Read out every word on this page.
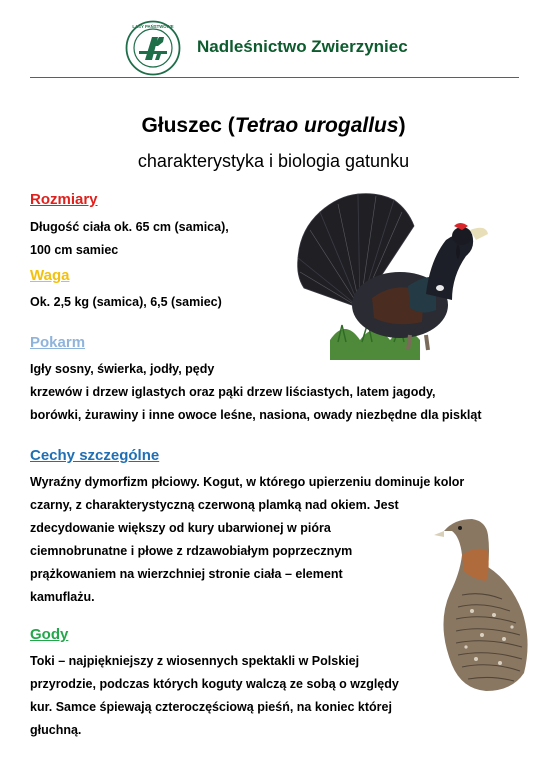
LASY PAŃSTWOWE
Nadleśnictwo Zwierzyniec
Głuszec (Tetrao urogallus)
charakterystyka i biologia gatunku
Rozmiary
Długość ciała ok. 65 cm (samica),
100 cm samiec
Waga
Ok. 2,5 kg (samica), 6,5 (samiec)
Pokarm
Igły sosny, świerka, jodły, pędy
krzewów i drzew iglastych oraz pąki drzew liściastych, latem jagody,
borówki, żurawiny i inne owoce leśne, nasiona, owady niezbędne dla piskląt
Cechy szczególne
Wyraźny dymorfizm płciowy. Kogut, w którego upierzeniu dominuje kolor
czarny, z charakterystyczną czerwoną plamką nad okiem. Jest
zdecydowanie większy od kury ubarwionej w pióra
ciemnobrunatne i płowe z rdzawobiałym poprzecznym
prążkowaniem na wierzchniej stronie ciała – element
kamuflażu.
Gody
Toki – najpiękniejszy z wiosennych spektakli w Polskiej
przyrodzie, podczas których koguty walczą ze sobą o względy
kur. Samce śpiewają czteroczęściową pieśń, na koniec której
głuchną.
